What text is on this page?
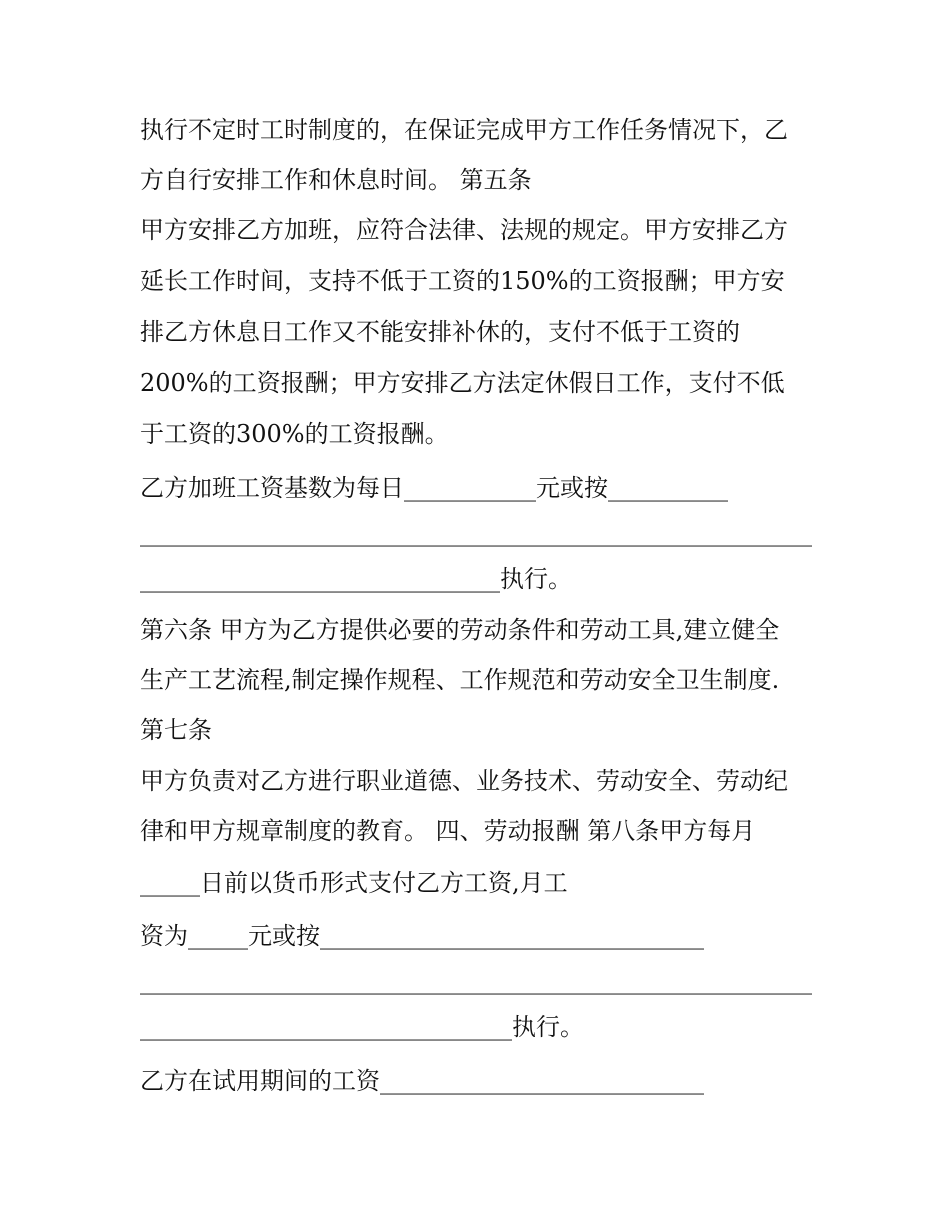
执行不定时工时制度的，在保证完成甲方工作任务情况下，乙
方自行安排工作和休息时间。 第五条
甲方安排乙方加班，应符合法律、法规的规定。甲方安排乙方
延长工作时间，支持不低于工资的150%的工资报酬；甲方安
排乙方休息日工作又不能安排补休的，支付不低于工资的
200%的工资报酬；甲方安排乙方法定休假日工作，支付不低
于工资的300%的工资报酬。
乙方加班工资基数为每日___________元或按__________
________________________________________________________
______________________________执行。
第六条 甲方为乙方提供必要的劳动条件和劳动工具,建立健全
生产工艺流程,制定操作规程、工作规范和劳动安全卫生制度.
第七条
甲方负责对乙方进行职业道德、业务技术、劳动安全、劳动纪
律和甲方规章制度的教育。 四、劳动报酬 第八条甲方每月
_____日前以货币形式支付乙方工资,月工
资为_____元或按________________________________
________________________________________________________
_______________________________执行。
乙方在试用期间的工资___________________________
